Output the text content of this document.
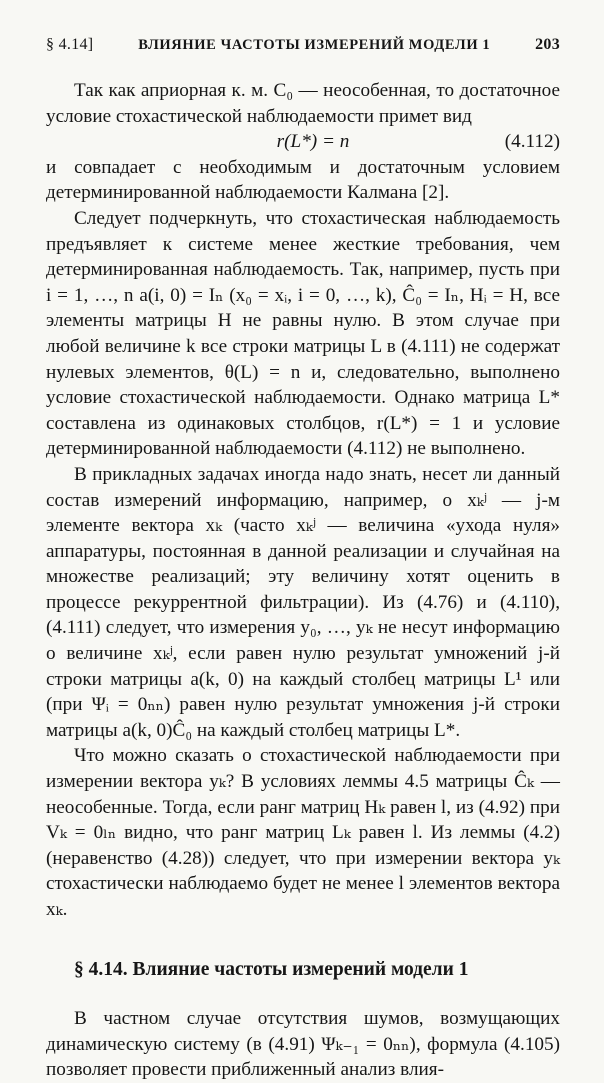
§ 4.14]	ВЛИЯНИЕ ЧАСТОТЫ ИЗМЕРЕНИЙ МОДЕЛИ 1	203

Так как априорная к. м. C₀ — неособенная, то достаточное условие стохастической наблюдаемости примет вид

r(L*) = n	(4.112)

и совпадает с необходимым и достаточным условием детерминированной наблюдаемости Калмана [2].

Следует подчеркнуть, что стохастическая наблюдаемость предъявляет к системе менее жесткие требования, чем детерминированная наблюдаемость. Так, например, пусть при i = 1, …, n a(i, 0) = Iₙ (x₀ = xᵢ, i = 0, …, k), Ĉ₀ = Iₙ, Hᵢ = H, все элементы матрицы H не равны нулю. В этом случае при любой величине k все строки матрицы L в (4.111) не содержат нулевых элементов, θ(L) = n и, следовательно, выполнено условие стохастической наблюдаемости. Однако матрица L* составлена из одинаковых столбцов, r(L*) = 1 и условие детерминированной наблюдаемости (4.112) не выполнено.

В прикладных задачах иногда надо знать, несет ли данный состав измерений информацию, например, о xₖʲ — j-м элементе вектора xₖ (часто xₖʲ — величина «ухода нуля» аппаратуры, постоянная в данной реализации и случайная на множестве реализаций; эту величину хотят оценить в процессе рекуррентной фильтрации). Из (4.76) и (4.110), (4.111) следует, что измерения y₀, …, yₖ не несут информацию о величине xₖʲ, если равен нулю результат умножений j-й строки матрицы a(k, 0) на каждый столбец матрицы L¹ или (при Ψᵢ = 0ₙₙ) равен нулю результат умножения j-й строки матрицы a(k, 0)Ĉ₀ на каждый столбец матрицы L*.

Что можно сказать о стохастической наблюдаемости при измерении вектора yₖ? В условиях леммы 4.5 матрицы Ĉₖ — неособенные. Тогда, если ранг матриц Hₖ равен l, из (4.92) при Vₖ = 0ₗₙ видно, что ранг матриц Lₖ равен l. Из леммы (4.2) (неравенство (4.28)) следует, что при измерении вектора yₖ стохастически наблюдаемо будет не менее l элементов вектора xₖ.

§ 4.14. Влияние частоты измерений модели 1

В частном случае отсутствия шумов, возмущающих динамическую систему (в (4.91) Ψₖ₋₁ = 0ₙₙ), формула (4.105) позволяет провести приближенный анализ влия-
